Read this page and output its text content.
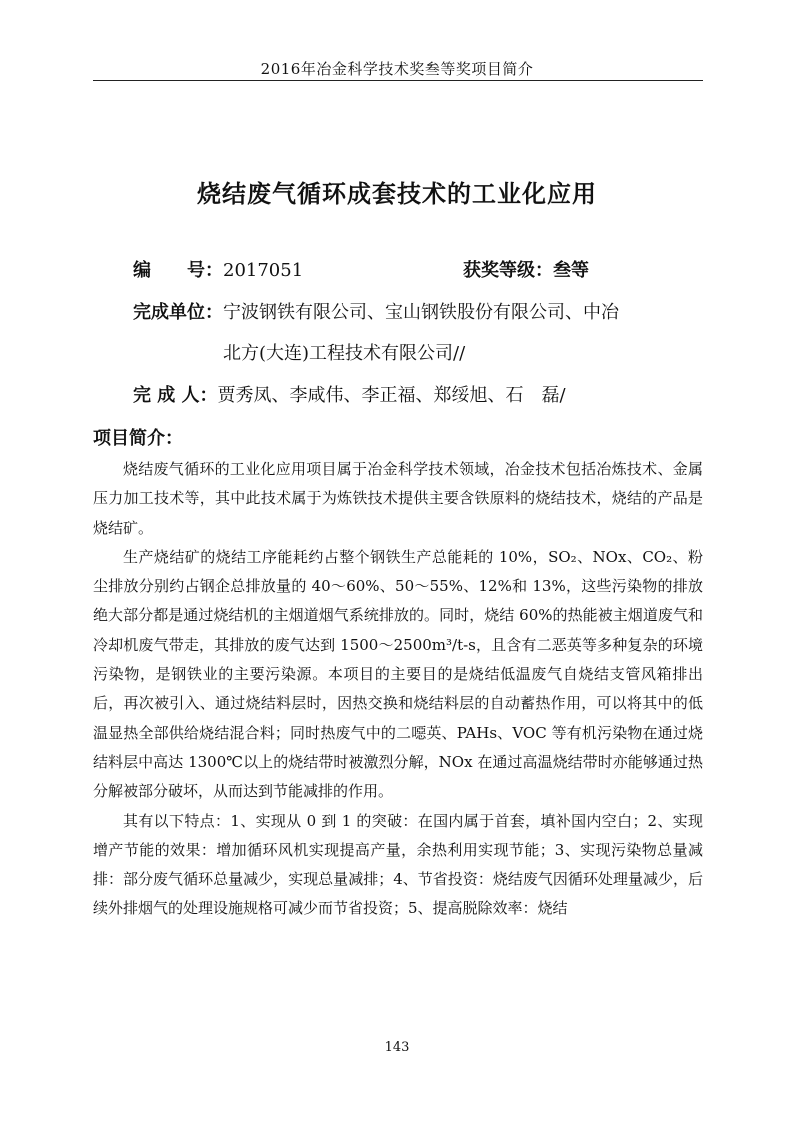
2016年冶金科学技术奖叁等奖项目简介
烧结废气循环成套技术的工业化应用
编　　号：2017051	获奖等级：叁等
完成单位：宁波钢铁有限公司、宝山钢铁股份有限公司、中冶
北方(大连)工程技术有限公司//
完 成 人：贾秀凤、李咸伟、李正福、郑绥旭、石　磊/
项目简介：

烧结废气循环的工业化应用项目属于冶金科学技术领域，冶金技术包括冶炼技术、金属压力加工技术等，其中此技术属于为炼铁技术提供主要含铁原料的烧结技术，烧结的产品是烧结矿。

生产烧结矿的烧结工序能耗约占整个钢铁生产总能耗的 10%，SO₂、NOx、CO₂、粉尘排放分别约占钢企总排放量的 40～60%、50～55%、12%和 13%，这些污染物的排放绝大部分都是通过烧结机的主烟道烟气系统排放的。同时，烧结 60%的热能被主烟道废气和冷却机废气带走，其排放的废气达到 1500～2500m³/t-s，且含有二恶英等多种复杂的环境污染物，是钢铁业的主要污染源。本项目的主要目的是烧结低温废气自烧结支管风箱排出后，再次被引入、通过烧结料层时，因热交换和烧结料层的自动蓄热作用，可以将其中的低温显热全部供给烧结混合料；同时热废气中的二噁英、PAHs、VOC 等有机污染物在通过烧结料层中高达 1300℃以上的烧结带时被激烈分解，NOx 在通过高温烧结带时亦能够通过热分解被部分破坏，从而达到节能减排的作用。

其有以下特点：1、实现从 0 到 1 的突破：在国内属于首套，填补国内空白；2、实现增产节能的效果：增加循环风机实现提高产量，余热利用实现节能；3、实现污染物总量减排：部分废气循环总量减少，实现总量减排；4、节省投资：烧结废气因循环处理量减少，后续外排烟气的处理设施规格可减少而节省投资；5、提高脱除效率：烧结

143
